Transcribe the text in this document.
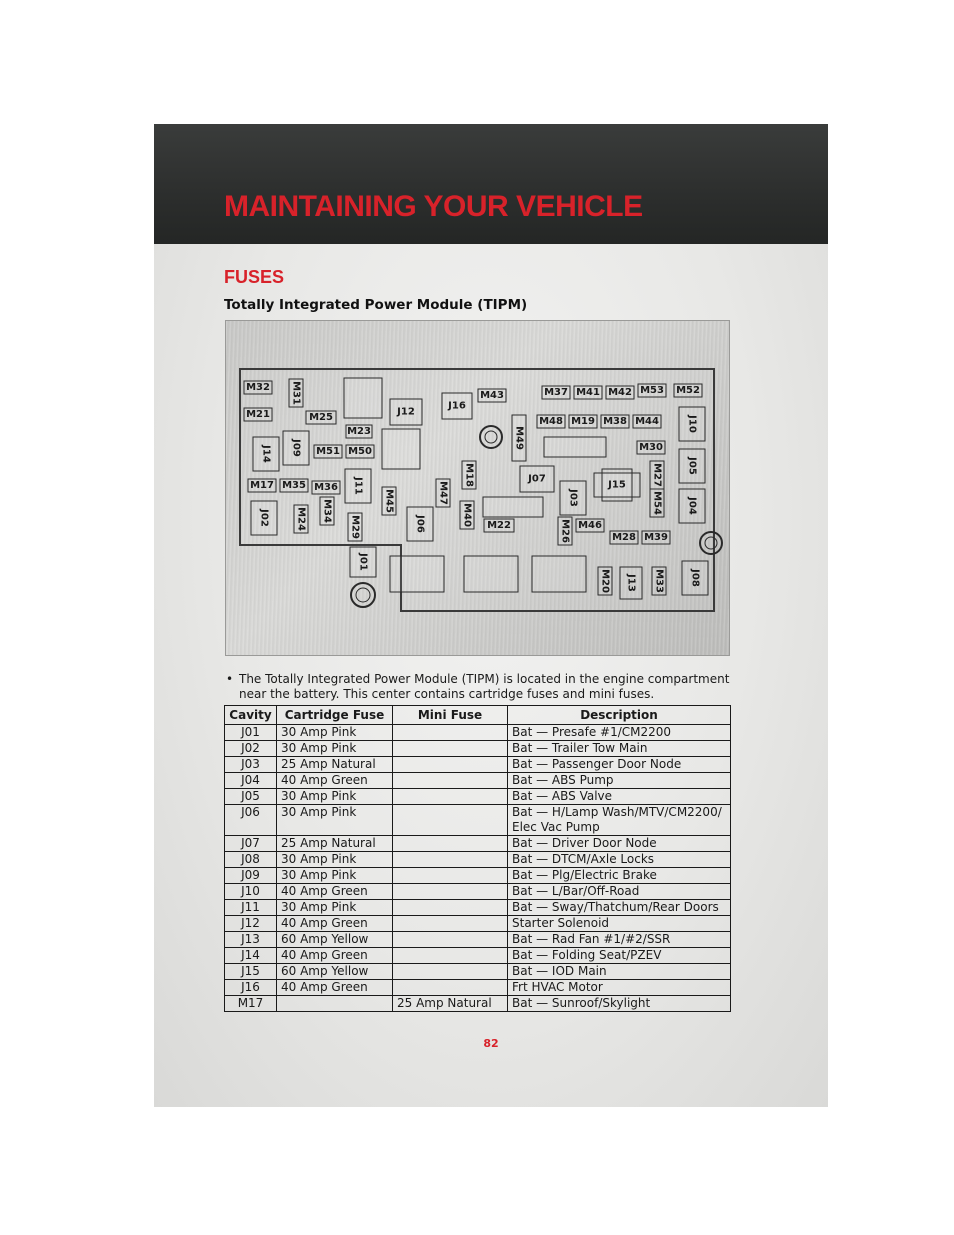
MAINTAINING YOUR VEHICLE
FUSES
Totally Integrated Power Module (TIPM)
M32 M31
M21	M25
M23
J12
J16
M43	M37 M41 M42 M53 M52
M48 M19 M38 M44	J10
M49	M30
J14 J09 M51 M50
J05
M27
J07
J15
M17 M35 M36 J11
M45	M47
M18
J03	J04
M54
J02	M24 M34
M29	J06	M40 M22	M26 M46
M28 M39
J01
M20 J13 M33	J08
• The Totally Integrated Power Module (TIPM) is located in the engine compartment near the battery. This center contains cartridge fuses and mini fuses.
Cavity	Cartridge Fuse	Mini Fuse	Description
J01	30 Amp Pink		Bat — Presafe #1/CM2200
J02	30 Amp Pink		Bat — Trailer Tow Main
J03	25 Amp Natural		Bat — Passenger Door Node
J04	40 Amp Green		Bat — ABS Pump
J05	30 Amp Pink		Bat — ABS Valve
J06	30 Amp Pink		Bat — H/Lamp Wash/MTV/CM2200/ Elec Vac Pump
J07	25 Amp Natural		Bat — Driver Door Node
J08	30 Amp Pink		Bat — DTCM/Axle Locks
J09	30 Amp Pink		Bat — Plg/Electric Brake
J10	40 Amp Green		Bat — L/Bar/Off-Road
J11	30 Amp Pink		Bat — Sway/Thatchum/Rear Doors
J12	40 Amp Green		Starter Solenoid
J13	60 Amp Yellow		Bat — Rad Fan #1/#2/SSR
J14	40 Amp Green		Bat — Folding Seat/PZEV
J15	60 Amp Yellow		Bat — IOD Main
J16	40 Amp Green		Frt HVAC Motor
M17		25 Amp Natural	Bat — Sunroof/Skylight
82
